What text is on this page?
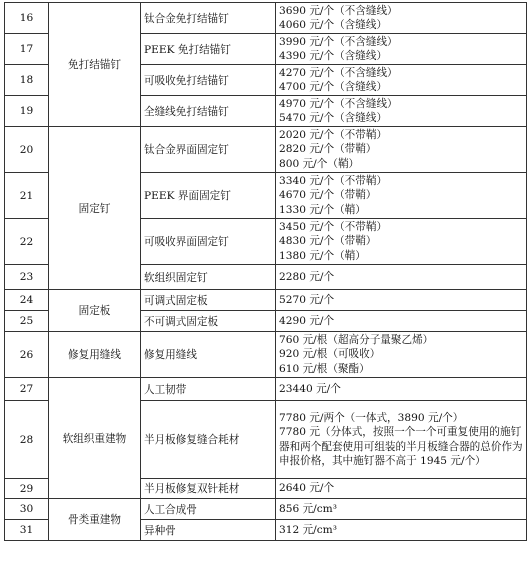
16	免打结锚钉	钛合金免打结锚钉	3690 元/个（不含缝线）
4060 元/个（含缝线）

17		PEEK 免打结锚钉	3990 元/个（不含缝线）
4390 元/个（含缝线）

18		可吸收免打结锚钉	4270 元/个（不含缝线）
4700 元/个（含缝线）

19		全缝线免打结锚钉	4970 元/个（不含缝线）
5470 元/个（含缝线）

20	固定钉	钛合金界面固定钉	2020 元/个（不带鞘）
2820 元/个（带鞘）
800 元/个（鞘）

21		PEEK 界面固定钉	3340 元/个（不带鞘）
4670 元/个（带鞘）
1330 元/个（鞘）

22		可吸收界面固定钉	3450 元/个（不带鞘）
4830 元/个（带鞘）
1380 元/个（鞘）

23		软组织固定钉	2280 元/个

24	固定板	可调式固定板	5270 元/个

25		不可调式固定板	4290 元/个

26	修复用缝线	修复用缝线	760 元/根（超高分子量聚乙烯）
920 元/根（可吸收）
610 元/根（聚酯）

27	软组织重建物	人工韧带	23440 元/个

28		半月板修复缝合耗材	7780 元/两个（一体式，3890 元/个）
7780 元（分体式，按照一个一个可重复使用的施钉器和两个配套使用可组装的半月板缝合器的总价作为申报价格，其中施钉器不高于 1945 元/个）
29		半月板修复双针耗材	2640 元/个

30	骨类重建物	人工合成骨	856 元/cm³

31		异种骨	312 元/cm³
